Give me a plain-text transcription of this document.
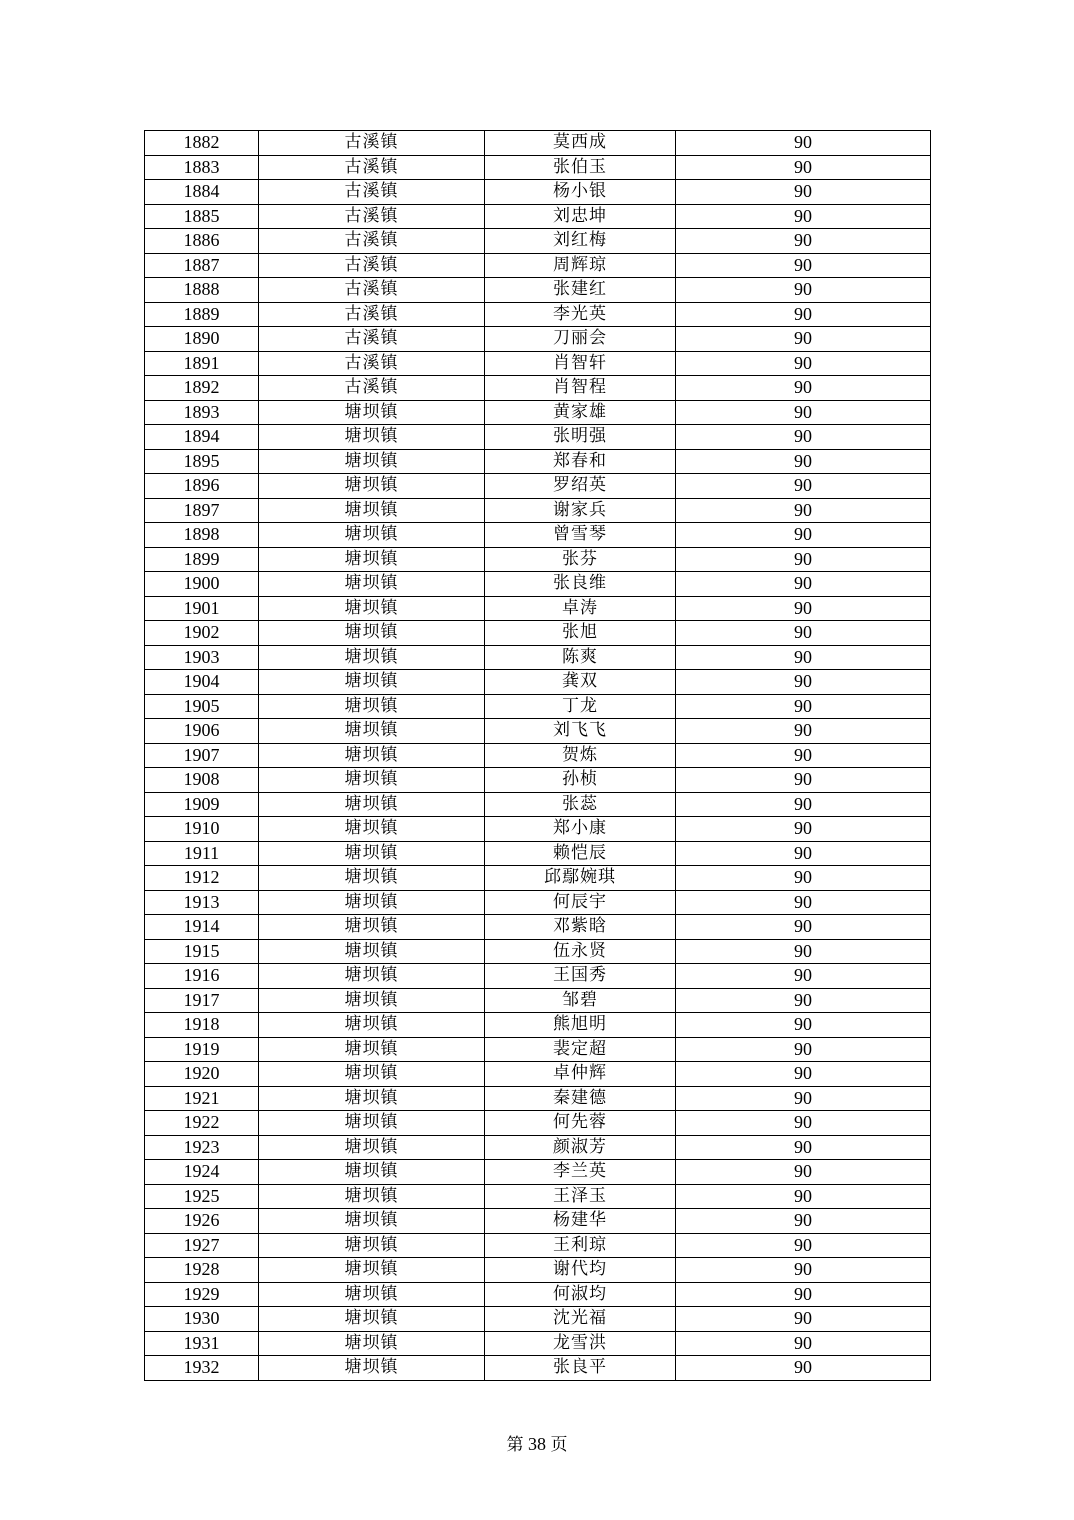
1882	古溪镇	莫西成	90
1883	古溪镇	张伯玉	90
1884	古溪镇	杨小银	90
1885	古溪镇	刘忠坤	90
1886	古溪镇	刘红梅	90
1887	古溪镇	周辉琼	90
1888	古溪镇	张建红	90
1889	古溪镇	李光英	90
1890	古溪镇	刀丽会	90
1891	古溪镇	肖智轩	90
1892	古溪镇	肖智程	90
1893	塘坝镇	黄家雄	90
1894	塘坝镇	张明强	90
1895	塘坝镇	郑春和	90
1896	塘坝镇	罗绍英	90
1897	塘坝镇	谢家兵	90
1898	塘坝镇	曾雪琴	90
1899	塘坝镇	张芬	90
1900	塘坝镇	张良维	90
1901	塘坝镇	卓涛	90
1902	塘坝镇	张旭	90
1903	塘坝镇	陈爽	90
1904	塘坝镇	龚双	90
1905	塘坝镇	丁龙	90
1906	塘坝镇	刘飞飞	90
1907	塘坝镇	贺炼	90
1908	塘坝镇	孙桢	90
1909	塘坝镇	张蕊	90
1910	塘坝镇	郑小康	90
1911	塘坝镇	赖恺辰	90
1912	塘坝镇	邱鄢婉琪	90
1913	塘坝镇	何辰宇	90
1914	塘坝镇	邓紫晗	90
1915	塘坝镇	伍永贤	90
1916	塘坝镇	王国秀	90
1917	塘坝镇	邹碧	90
1918	塘坝镇	熊旭明	90
1919	塘坝镇	裴定超	90
1920	塘坝镇	卓仲辉	90
1921	塘坝镇	秦建德	90
1922	塘坝镇	何先蓉	90
1923	塘坝镇	颜淑芳	90
1924	塘坝镇	李兰英	90
1925	塘坝镇	王泽玉	90
1926	塘坝镇	杨建华	90
1927	塘坝镇	王利琼	90
1928	塘坝镇	谢代均	90
1929	塘坝镇	何淑均	90
1930	塘坝镇	沈光福	90
1931	塘坝镇	龙雪洪	90
1932	塘坝镇	张良平	90
第 38 页
